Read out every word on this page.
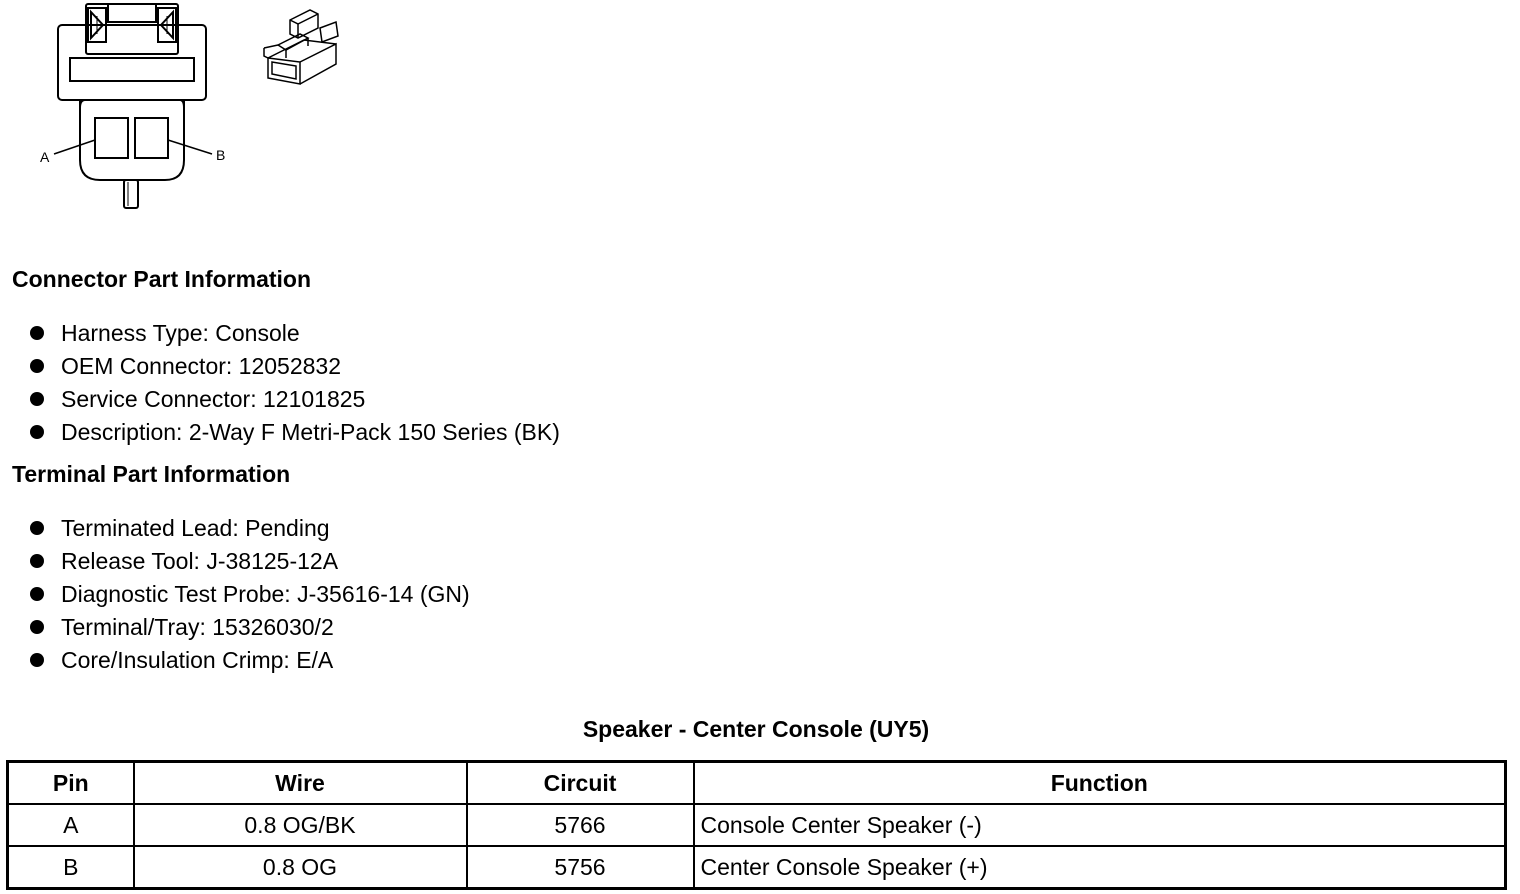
A	B
Connector Part Information
Harness Type: Console
OEM Connector: 12052832
Service Connector: 12101825
Description: 2-Way F Metri-Pack 150 Series (BK)
Terminal Part Information
Terminated Lead: Pending
Release Tool: J-38125-12A
Diagnostic Test Probe: J-35616-14 (GN)
Terminal/Tray: 15326030/2
Core/Insulation Crimp: E/A
Speaker - Center Console (UY5)
Pin	Wire	Circuit	Function
A	0.8 OG/BK	5766	Console Center Speaker (-)
B	0.8 OG	5756	Center Console Speaker (+)
